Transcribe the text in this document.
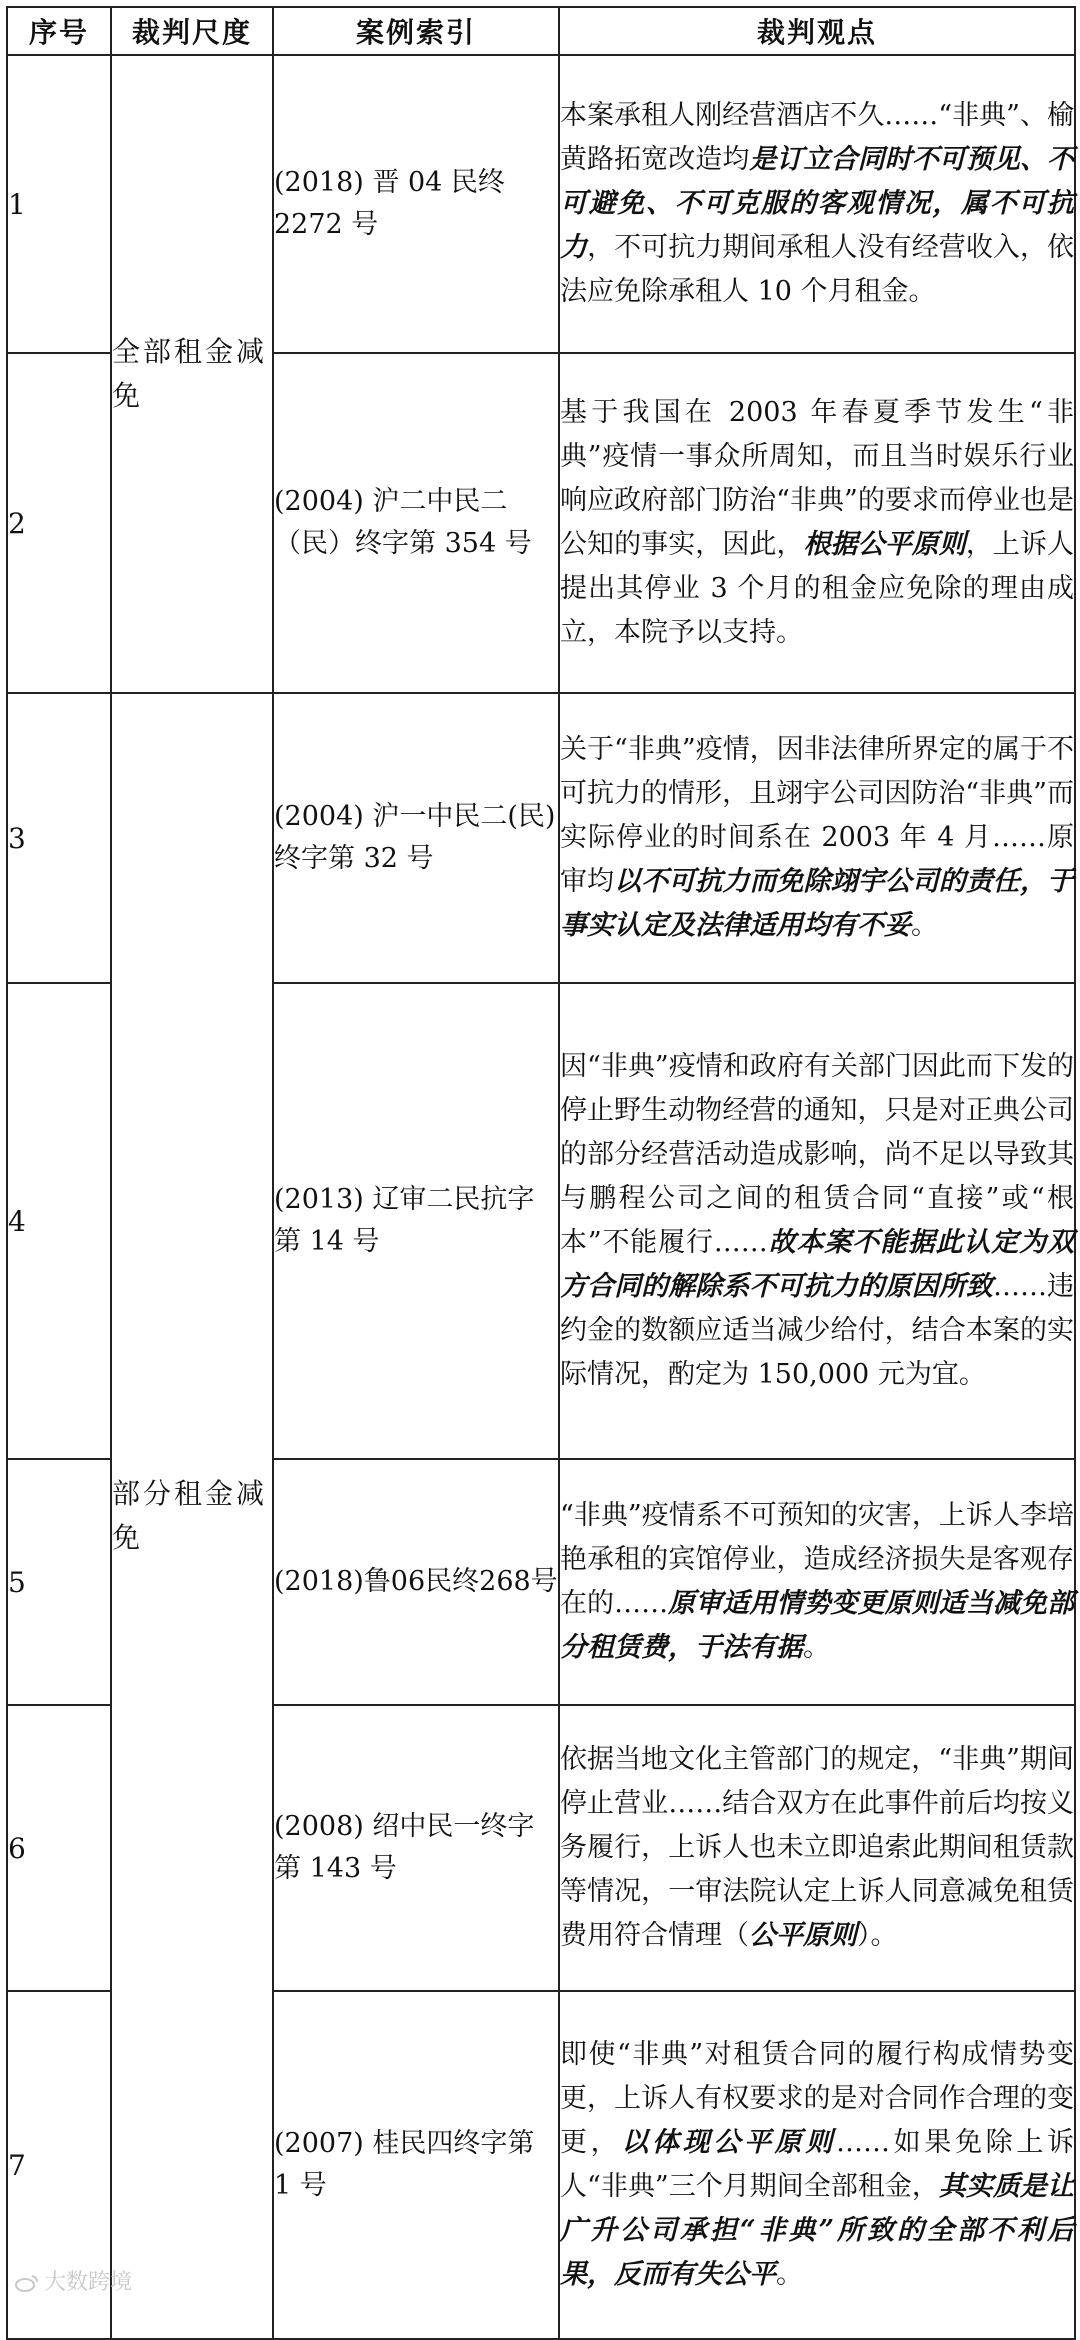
序号	裁判尺度	案例索引	裁判观点
1	全部租金减免	(2018) 晋 04 民终 2272 号	本案承租人刚经营酒店不久……“非典”、榆黄路拓宽改造均是订立合同时不可预见、不可避免、不可克服的客观情况，属不可抗力，不可抗力期间承租人没有经营收入，依法应免除承租人 10 个月租金。
2		(2004) 沪二中民二（民）终字第 354 号	基于我国在 2003 年春夏季节发生“非典”疫情一事众所周知，而且当时娱乐行业响应政府部门防治“非典”的要求而停业也是公知的事实，因此，根据公平原则，上诉人提出其停业 3 个月的租金应免除的理由成立，本院予以支持。
3	部分租金减免	(2004) 沪一中民二(民)终字第 32 号	关于“非典”疫情，因非法律所界定的属于不可抗力的情形，且翊宇公司因防治“非典”而实际停业的时间系在 2003 年 4 月……原审均以不可抗力而免除翊宇公司的责任，于事实认定及法律适用均有不妥。
4		(2013) 辽审二民抗字第 14 号	因“非典”疫情和政府有关部门因此而下发的停止野生动物经营的通知，只是对正典公司的部分经营活动造成影响，尚不足以导致其与鹏程公司之间的租赁合同“直接”或“根本”不能履行……故本案不能据此认定为双方合同的解除系不可抗力的原因所致……违约金的数额应适当减少给付，结合本案的实际情况，酌定为 150,000 元为宜。
5		(2018)鲁06民终268号	“非典”疫情系不可预知的灾害，上诉人李培艳承租的宾馆停业，造成经济损失是客观存在的……原审适用情势变更原则适当减免部分租赁费，于法有据。
6		(2008) 绍中民一终字第 143 号	依据当地文化主管部门的规定，“非典”期间停止营业……结合双方在此事件前后均按义务履行，上诉人也未立即追索此期间租赁款等情况，一审法院认定上诉人同意减免租赁费用符合情理（公平原则）。
7		(2007) 桂民四终字第 1 号	即使“非典”对租赁合同的履行构成情势变更，上诉人有权要求的是对合同作合理的变更，以体现公平原则……如果免除上诉人“非典”三个月期间全部租金，其实质是让广升公司承担“非典”所致的全部不利后果，反而有失公平。
大数跨境
